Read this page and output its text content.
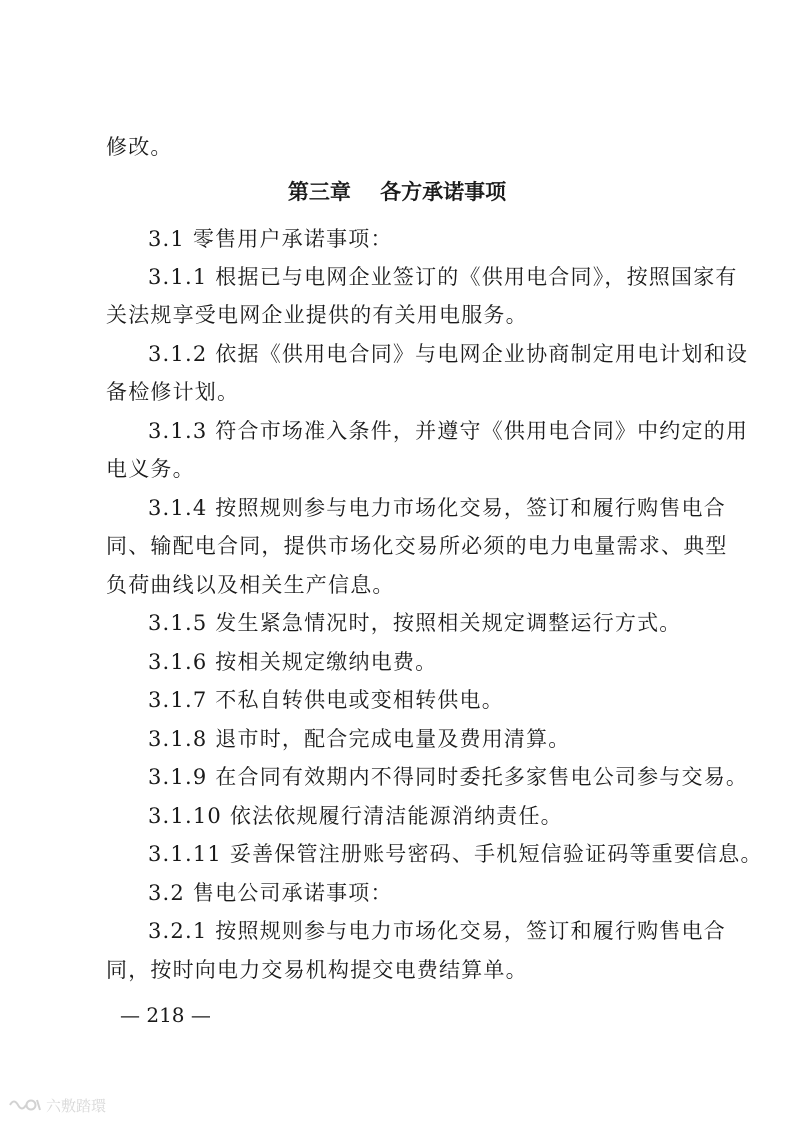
修改。
第三章    各方承诺事项
3.1 零售用户承诺事项：
3.1.1 根据已与电网企业签订的《供用电合同》，按照国家有
关法规享受电网企业提供的有关用电服务。
3.1.2 依据《供用电合同》与电网企业协商制定用电计划和设
备检修计划。
3.1.3 符合市场准入条件，并遵守《供用电合同》中约定的用
电义务。
3.1.4 按照规则参与电力市场化交易，签订和履行购售电合
同、输配电合同，提供市场化交易所必须的电力电量需求、典型
负荷曲线以及相关生产信息。
3.1.5 发生紧急情况时，按照相关规定调整运行方式。
3.1.6 按相关规定缴纳电费。
3.1.7 不私自转供电或变相转供电。
3.1.8 退市时，配合完成电量及费用清算。
3.1.9 在合同有效期内不得同时委托多家售电公司参与交易。
3.1.10 依法依规履行清洁能源消纳责任。
3.1.11 妥善保管注册账号密码、手机短信验证码等重要信息。
3.2 售电公司承诺事项：
3.2.1 按照规则参与电力市场化交易，签订和履行购售电合
同，按时向电力交易机构提交电费结算单。
— 218 —
六敷踏環
